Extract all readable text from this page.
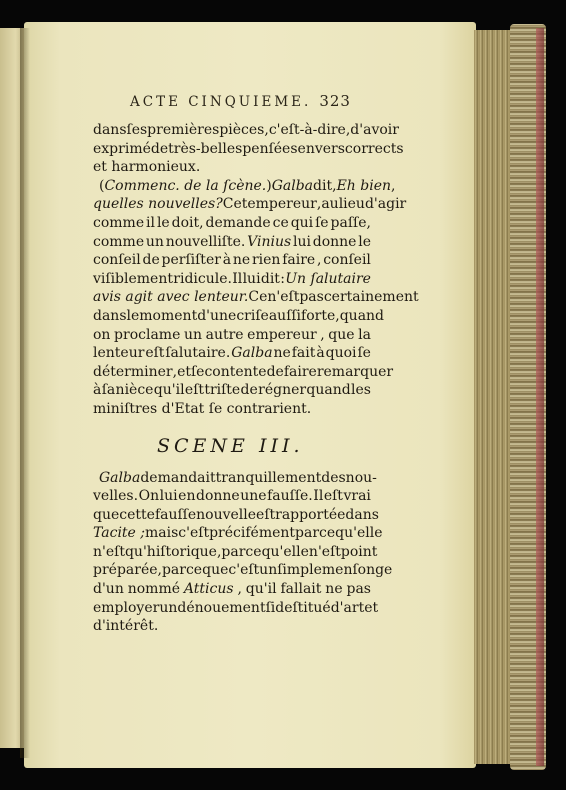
ACTE CINQUIEME. 323
dans ſes premières pièces , c'eſt-à-dire, d'avoir
exprimé de très-belles penſées en vers corrects
et harmonieux.
( Commenc. de la ſcène. ) Galba dit , Eh bien ,
quelles nouvelles? Cet empereur , au lieu d'agir
comme il le doit, demande ce qui ſe paſſe,
comme un nouvelliſte. Vinius lui donne le
conſeil de perſiſter à ne rien faire , conſeil
viſiblement ridicule. Il lui dit : Un ſalutaire
avis agit avec lenteur. Ce n'eſt pas certainement
dans le moment d'une criſe auſſi forte , quand
on proclame un autre empereur , que la
lenteur eſt ſalutaire. Galba ne fait à quoi ſe
déterminer , et ſe contente de faire remarquer
à ſa nièce qu'il eſt triſte de régner quand les
miniſtres d'Etat ſe contrarient.
SCENE III.
Galba demandait tranquillement des nou-
velles. On lui en donne une fauſſe. Il eſt vrai
que cette fauſſe nouvelle eſt rapportée dans
Tacite ; mais c'eſt précifément parce qu'elle
n'eſt qu'hiſtorique , parce qu'elle n'eſt point
préparée , parce que c'eſt un ſimple menſonge
d'un nommé Atticus , qu'il fallait ne pas
employer un dénouement ſi deſtitué d'art et
d'intérêt.
